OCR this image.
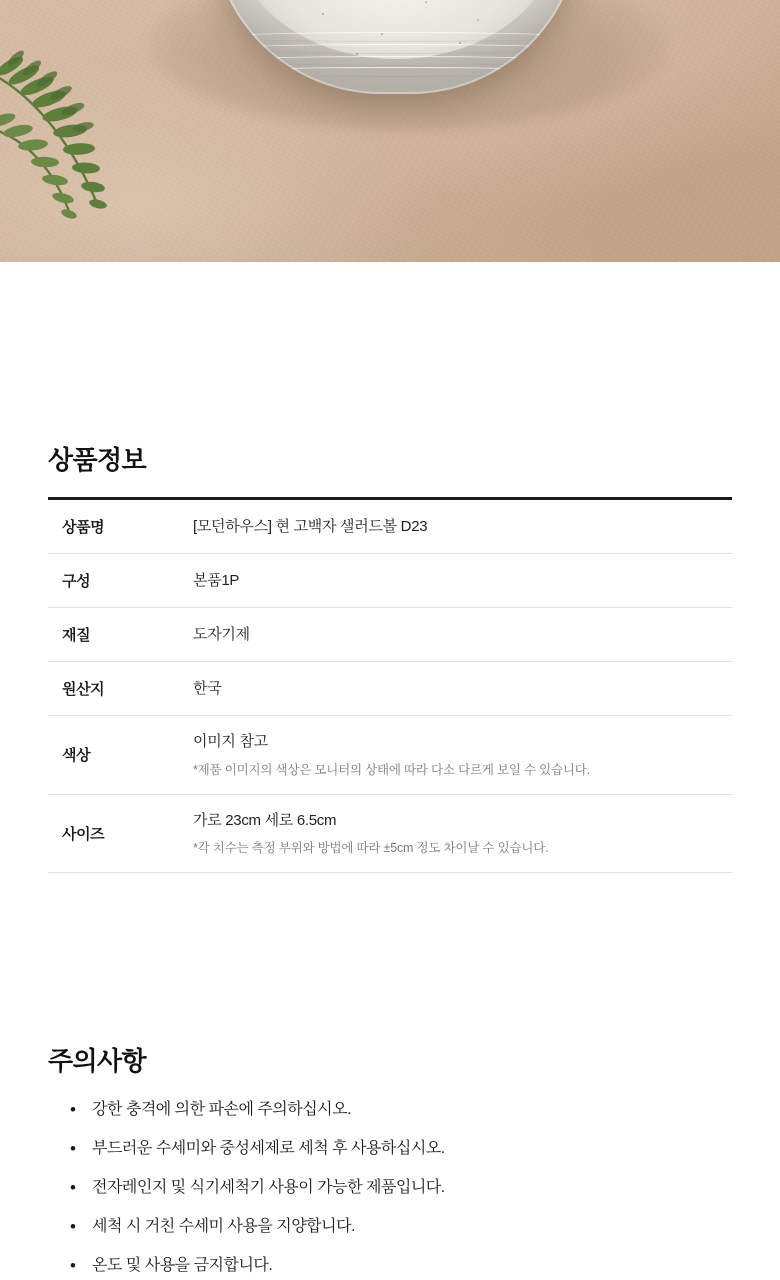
상품정보
상품명	[모던하우스] 현 고백자 샐러드볼 D23

구성	본품1P

재질	도자기제

원산지	한국

색상	이미지 참고
*제품 이미지의 색상은 모니터의 상태에 따라 다소 다르게 보일 수 있습니다.

사이즈	가로 23cm 세로 6.5cm
*각 치수는 측정 부위와 방법에 따라 ±5cm 정도 차이날 수 있습니다.
주의사항
• 강한 충격에 의한 파손에 주의하십시오.
• 부드러운 수세미와 중성세제로 세척 후 사용하십시오.
• 전자레인지 및 식기세척기 사용이 가능한 제품입니다.
• 세척 시 거친 수세미 사용을 지양합니다.
• 온도 및 사용을 금지합니다.
